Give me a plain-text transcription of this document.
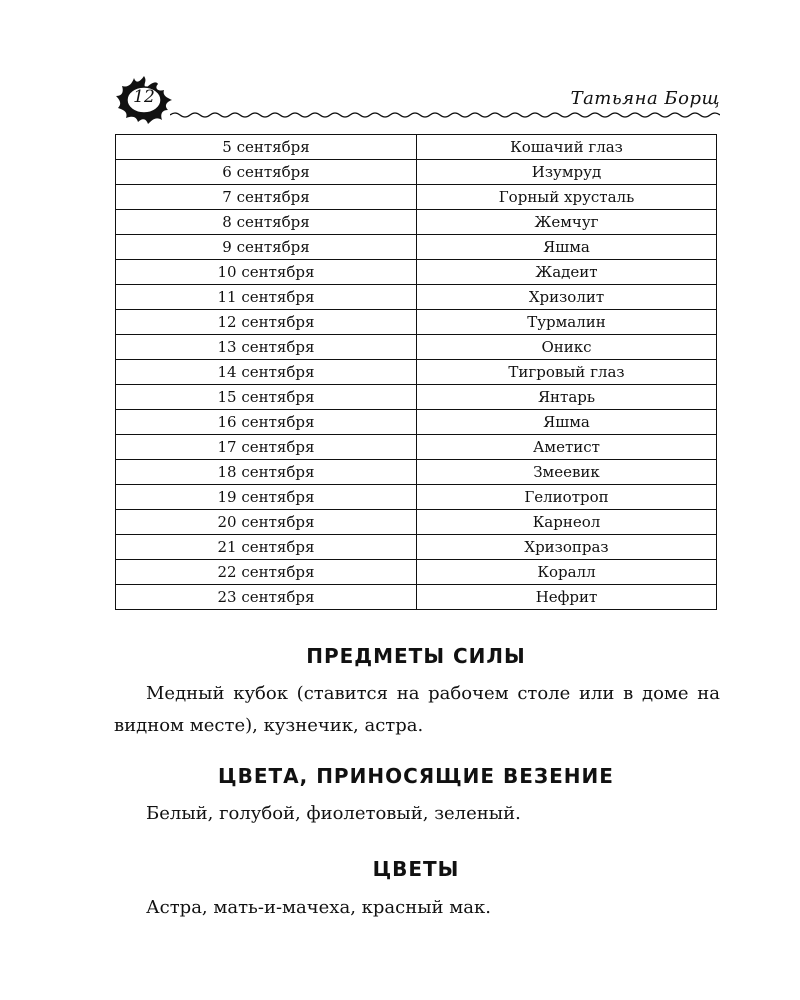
12	Татьяна Борщ
5 сентября	Кошачий глаз
6 сентября	Изумруд
7 сентября	Горный хрусталь
8 сентября	Жемчуг
9 сентября	Яшма
10 сентября	Жадеит
11 сентября	Хризолит
12 сентября	Турмалин
13 сентября	Оникс
14 сентября	Тигровый глаз
15 сентября	Янтарь
16 сентября	Яшма
17 сентября	Аметист
18 сентября	Змеевик
19 сентября	Гелиотроп
20 сентября	Карнеол
21 сентября	Хризопраз
22 сентября	Коралл
23 сентября	Нефрит
ПРЕДМЕТЫ СИЛЫ
Медный кубок (ставится на рабочем столе или в доме на видном месте), кузнечик, астра.
ЦВЕТА, ПРИНОСЯЩИЕ ВЕЗЕНИЕ
Белый, голубой, фиолетовый, зеленый.
ЦВЕТЫ
Астра, мать-и-мачеха, красный мак.
